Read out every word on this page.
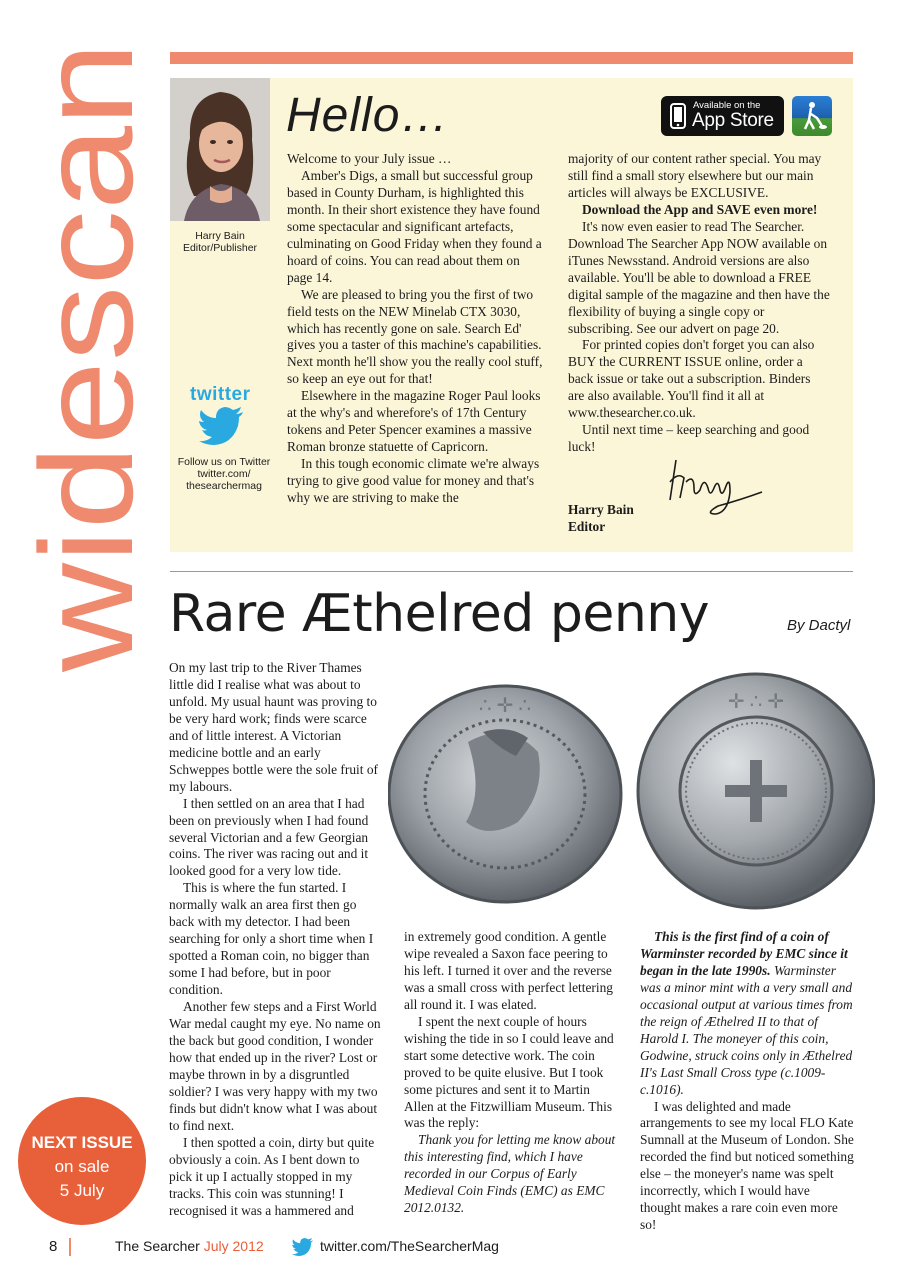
widescan	Harry Bain
Editor/Publisher
Hello…	Available on the
App Store

Welcome to your July issue …

Amber's Digs, a small but successful group based in County Durham, is highlighted this month. In their short existence they have found some spectacular and significant artefacts, culminating on Good Friday when they found a hoard of coins. You can read about them on page 14.

We are pleased to bring you the first of two field tests on the NEW Minelab CTX 3030, which has recently gone on sale. Search Ed' gives you a taster of this machine's capabilities. Next month he'll show you the really cool stuff, so keep an eye out for that!

Elsewhere in the magazine Roger Paul looks at the why's and wherefore's of 17th Century tokens and Peter Spencer examines a massive Roman bronze statuette of Capricorn.

In this tough economic climate we're always trying to give good value for money and that's why we are striving to make the

majority of our content rather special. You may still find a small story elsewhere but our main articles will always be EXCLUSIVE.

Download the App and SAVE even more!

It's now even easier to read The Searcher. Download The Searcher App NOW available on iTunes Newsstand. Android versions are also available. You'll be able to download a FREE digital sample of the magazine and then have the flexibility of buying a single copy or subscribing. See our advert on page 20.

For printed copies don't forget you can also BUY the CURRENT ISSUE online, order a back issue or take out a subscription. Binders are also available. You'll find it all at www.thesearcher.co.uk.

Until next time – keep searching and good luck!

Harry Bain
Editor
twitter
Follow us on Twitter
twitter.com/
thesearchermag
Rare Æthelred penny	By Dactyl

On my last trip to the River Thames little did I realise what was about to unfold. My usual haunt was proving to be very hard work; finds were scarce and of little interest. A Victorian medicine bottle and an early Schweppes bottle were the sole fruit of my labours.

I then settled on an area that I had been on previously when I had found several Victorian and a few Georgian coins. The river was racing out and it looked good for a very low tide.

This is where the fun started. I normally walk an area first then go back with my detector. I had been searching for only a short time when I spotted a Roman coin, no bigger than some I had before, but in poor condition.

Another few steps and a First World War medal caught my eye. No name on the back but good condition, I wonder how that ended up in the river? Lost or maybe thrown in by a disgruntled soldier? I was very happy with my two finds but didn't know what I was about to find next.

I then spotted a coin, dirty but quite obviously a coin. As I bent down to pick it up I actually stopped in my tracks. This coin was stunning! I recognised it was a hammered and

∴ ✛ ∴	✛ ∴ ✛

in extremely good condition. A gentle wipe revealed a Saxon face peering to his left. I turned it over and the reverse was a small cross with perfect lettering all round it. I was elated.

I spent the next couple of hours wishing the tide in so I could leave and start some detective work. The coin proved to be quite elusive. But I took some pictures and sent it to Martin Allen at the Fitzwilliam Museum. This was the reply:

Thank you for letting me know about this interesting find, which I have recorded in our Corpus of Early Medieval Coin Finds (EMC) as EMC 2012.0132.

This is the first find of a coin of Warminster recorded by EMC since it began in the late 1990s. Warminster was a minor mint with a very small and occasional output at various times from the reign of Æthelred II to that of Harold I. The moneyer of this coin, Godwine, struck coins only in Æthelred II's Last Small Cross type (c.1009-c.1016).

I was delighted and made arrangements to see my local FLO Kate Sumnall at the Museum of London. She recorded the find but noticed something else – the moneyer's name was spelt incorrectly, which I would have thought makes a rare coin even more so!

NEXT ISSUE
on sale
5 July
8	The Searcher July 2012	twitter.com/TheSearcherMag
